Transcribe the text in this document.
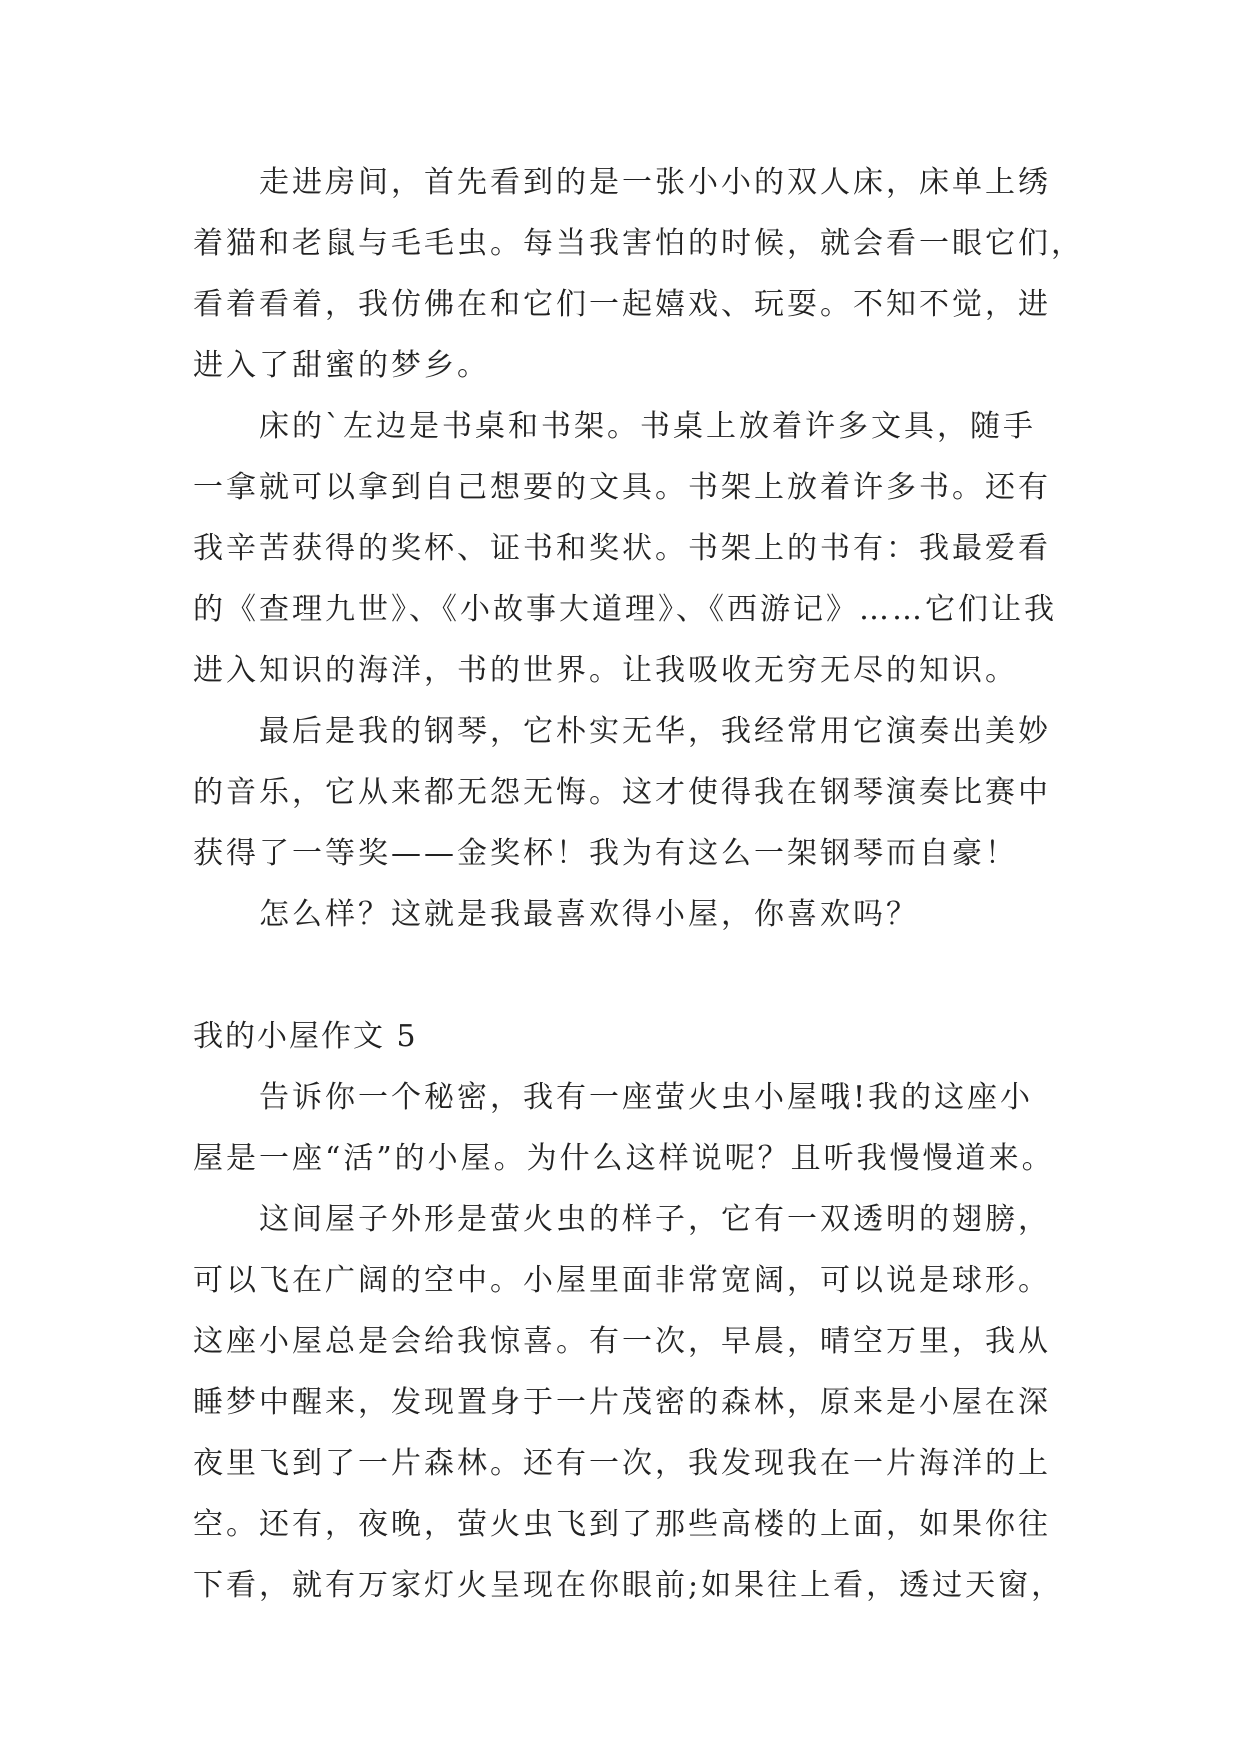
走进房间，首先看到的是一张小小的双人床，床单上绣
着猫和老鼠与毛毛虫。每当我害怕的时候，就会看一眼它们，
看着看着，我仿佛在和它们一起嬉戏、玩耍。不知不觉，进
进入了甜蜜的梦乡。
床的`左边是书桌和书架。书桌上放着许多文具，随手
一拿就可以拿到自己想要的文具。书架上放着许多书。还有
我辛苦获得的奖杯、证书和奖状。书架上的书有：我最爱看
的《查理九世》、《小故事大道理》、《西游记》……它们让我
进入知识的海洋，书的世界。让我吸收无穷无尽的知识。
最后是我的钢琴，它朴实无华，我经常用它演奏出美妙
的音乐，它从来都无怨无悔。这才使得我在钢琴演奏比赛中
获得了一等奖——金奖杯！我为有这么一架钢琴而自豪！
怎么样？这就是我最喜欢得小屋，你喜欢吗？
我的小屋作文 5
告诉你一个秘密，我有一座萤火虫小屋哦!我的这座小
屋是一座“活”的小屋。为什么这样说呢？且听我慢慢道来。
这间屋子外形是萤火虫的样子，它有一双透明的翅膀，
可以飞在广阔的空中。小屋里面非常宽阔，可以说是球形。
这座小屋总是会给我惊喜。有一次，早晨，晴空万里，我从
睡梦中醒来，发现置身于一片茂密的森林，原来是小屋在深
夜里飞到了一片森林。还有一次，我发现我在一片海洋的上
空。还有，夜晚，萤火虫飞到了那些高楼的上面，如果你往
下看，就有万家灯火呈现在你眼前;如果往上看，透过天窗，
